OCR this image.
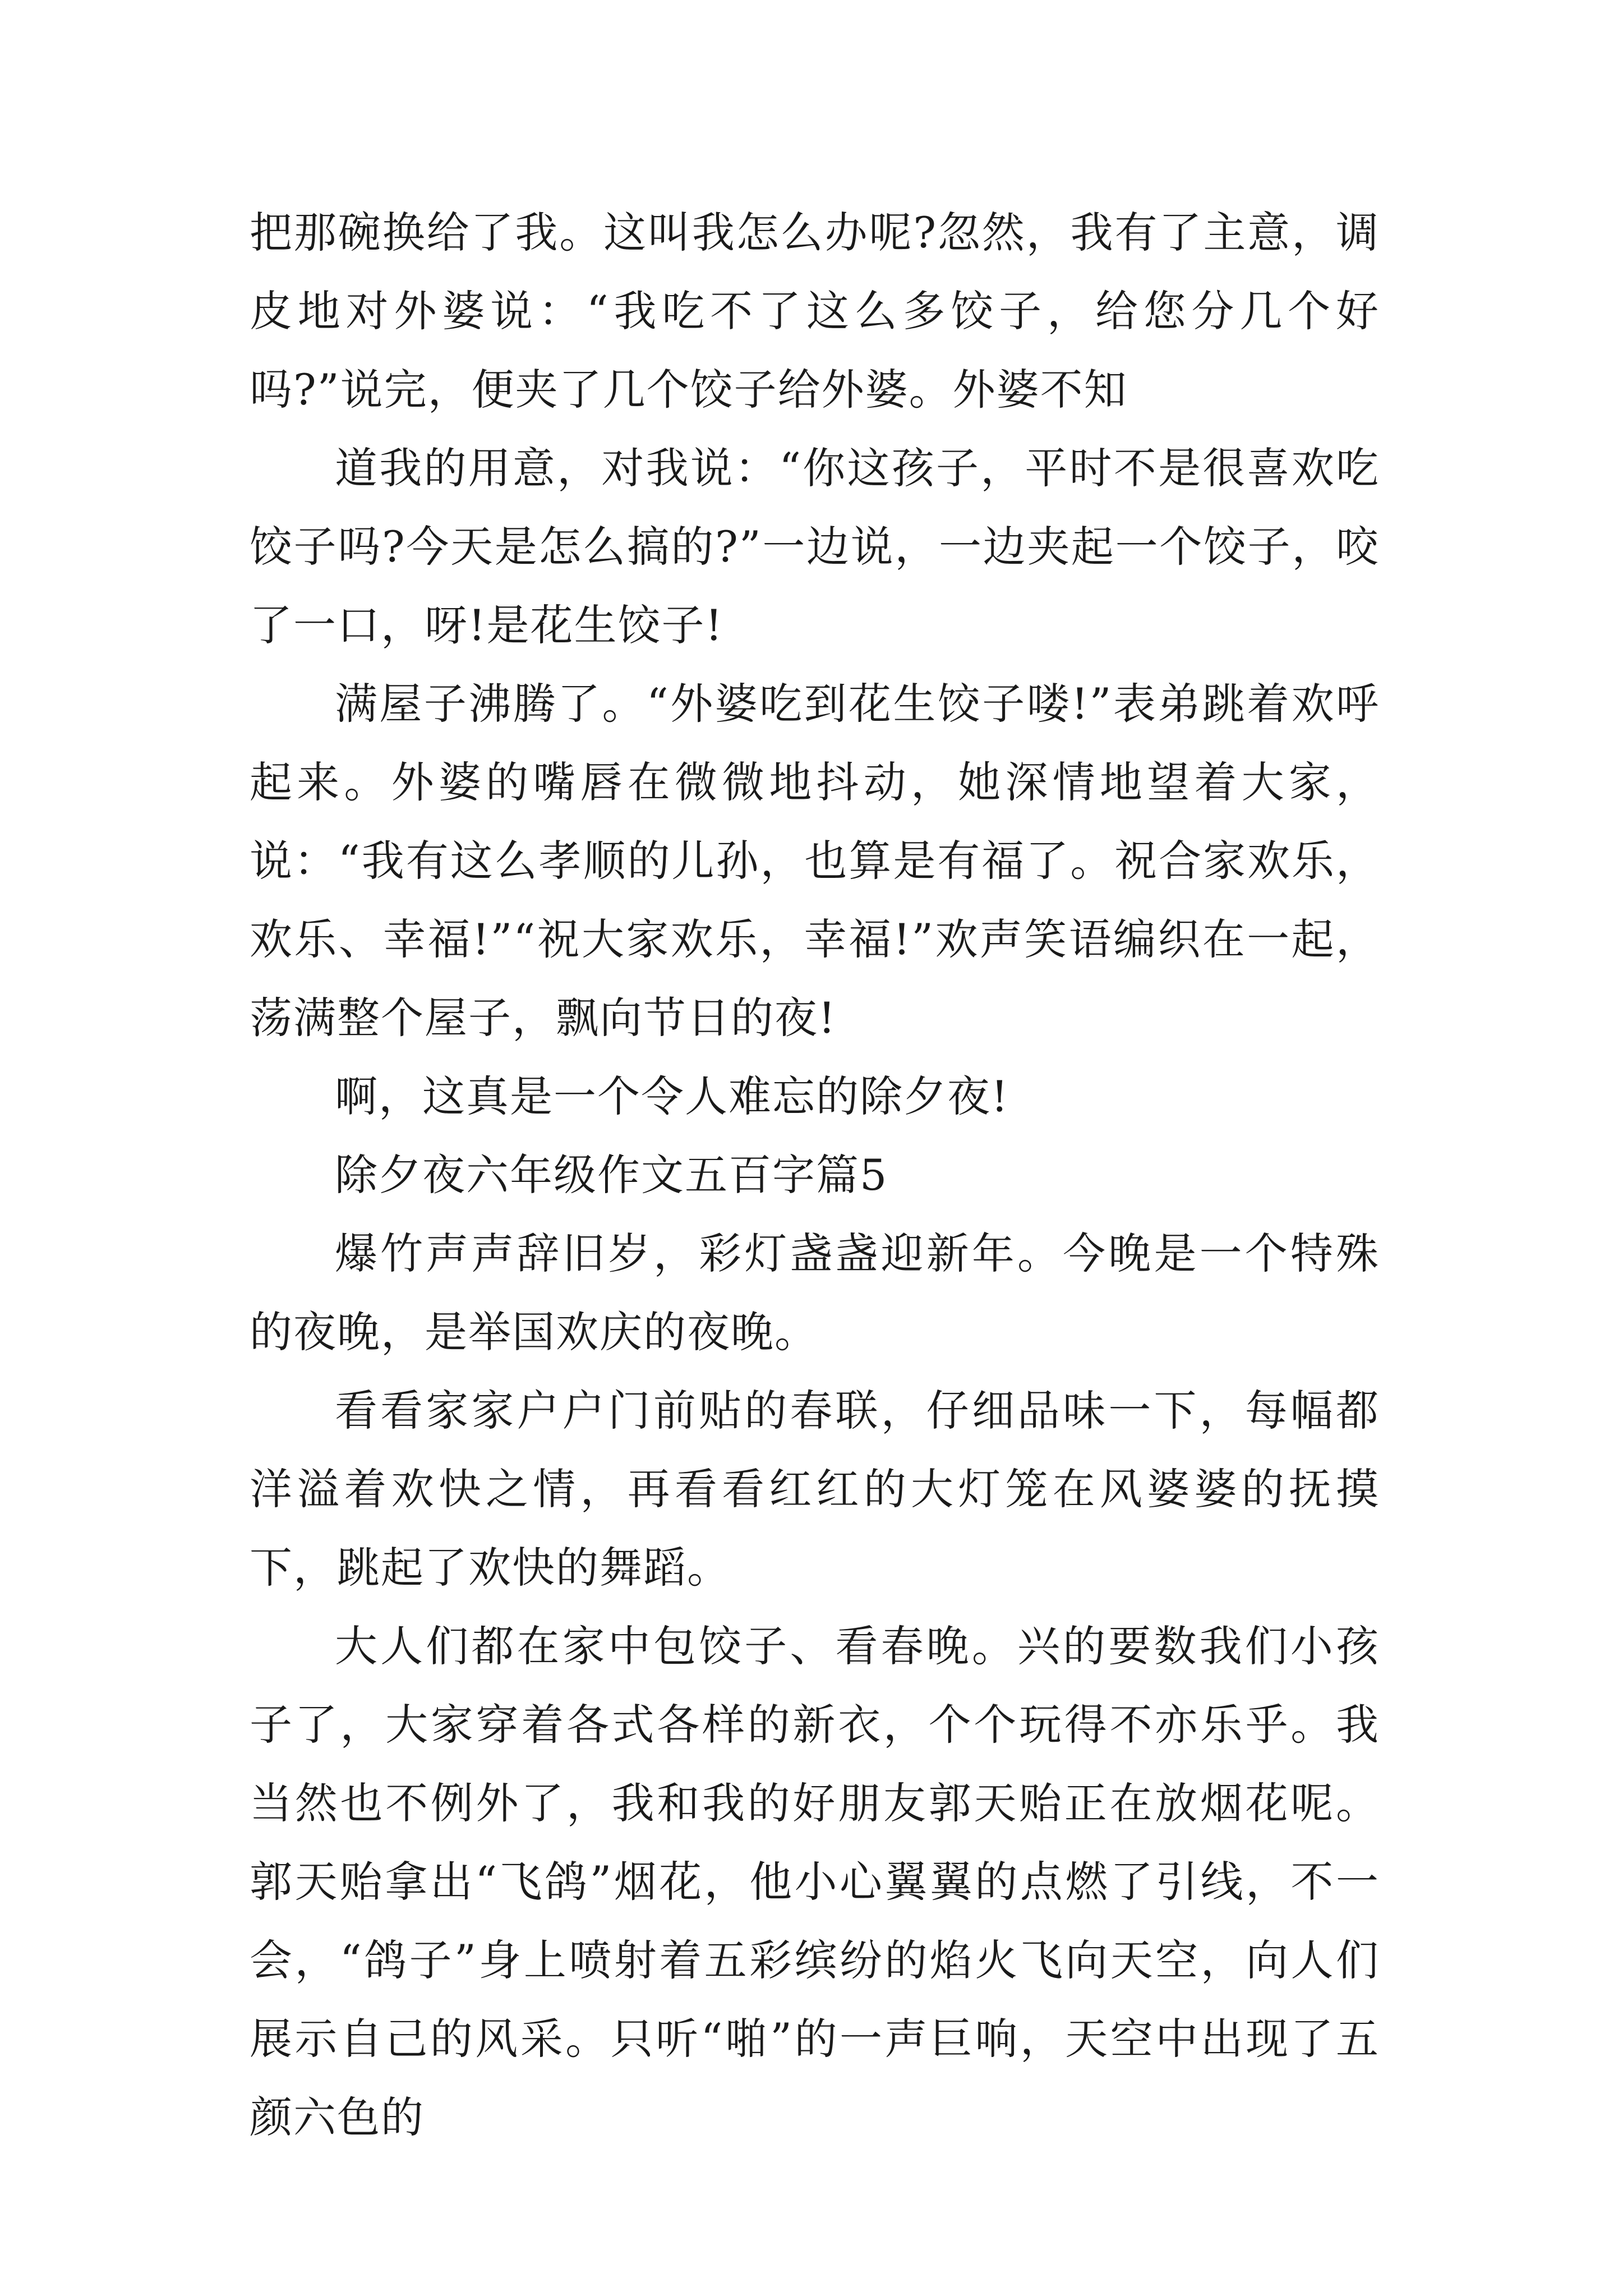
把那碗换给了我。这叫我怎么办呢?忽然，我有了主意，调皮地对外婆说：“我吃不了这么多饺子，给您分几个好吗?”说完，便夹了几个饺子给外婆。外婆不知

道我的用意，对我说：“你这孩子，平时不是很喜欢吃饺子吗?今天是怎么搞的?”一边说，一边夹起一个饺子，咬了一口，呀!是花生饺子!

满屋子沸腾了。“外婆吃到花生饺子喽!”表弟跳着欢呼起来。外婆的嘴唇在微微地抖动，她深情地望着大家，说：“我有这么孝顺的儿孙，也算是有福了。祝合家欢乐，欢乐、幸福!”“祝大家欢乐，幸福!”欢声笑语编织在一起，荡满整个屋子，飘向节日的夜!

啊，这真是一个令人难忘的除夕夜!

除夕夜六年级作文五百字篇5

爆竹声声辞旧岁，彩灯盏盏迎新年。今晚是一个特殊的夜晚，是举国欢庆的夜晚。

看看家家户户门前贴的春联，仔细品味一下，每幅都洋溢着欢快之情，再看看红红的大灯笼在风婆婆的抚摸下，跳起了欢快的舞蹈。

大人们都在家中包饺子、看春晚。兴的要数我们小孩子了，大家穿着各式各样的新衣，个个玩得不亦乐乎。我当然也不例外了，我和我的好朋友郭天贻正在放烟花呢。郭天贻拿出“飞鸽”烟花，他小心翼翼的点燃了引线，不一会，“鸽子”身上喷射着五彩缤纷的焰火飞向天空，向人们展示自己的风采。只听“啪”的一声巨响，天空中出现了五颜六色的
